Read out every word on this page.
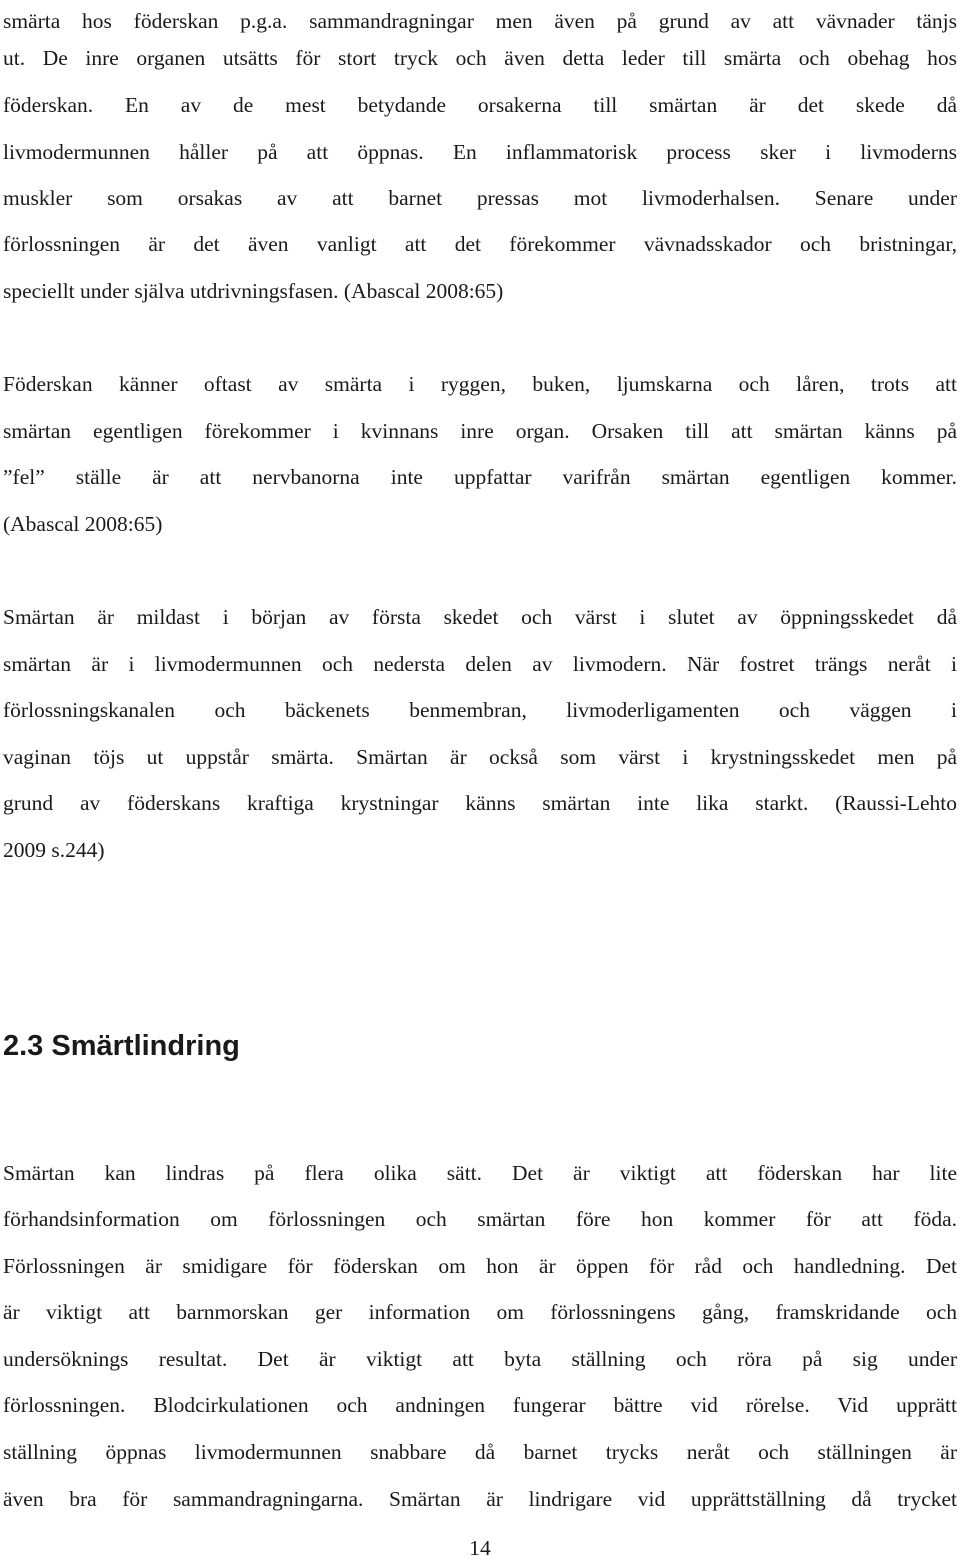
smärta hos föderskan p.g.a. sammandragningar men även på grund av att vävnader tänjs
ut. De inre organen utsätts för stort tryck och även detta leder till smärta och obehag hos
föderskan. En av de mest betydande orsakerna till smärtan är det skede då
livmodermunnen håller på att öppnas. En inflammatorisk process sker i livmoderns
muskler som orsakas av att barnet pressas mot livmoderhalsen. Senare under
förlossningen är det även vanligt att det förekommer vävnadsskador och bristningar,
speciellt under själva utdrivningsfasen. (Abascal 2008:65)
Föderskan känner oftast av smärta i ryggen, buken, ljumskarna och låren, trots att
smärtan egentligen förekommer i kvinnans inre organ. Orsaken till att smärtan känns på
”fel” ställe är att nervbanorna inte uppfattar varifrån smärtan egentligen kommer.
(Abascal 2008:65)
Smärtan är mildast i början av första skedet och värst i slutet av öppningsskedet då
smärtan är i livmodermunnen och nedersta delen av livmodern. När fostret trängs neråt i
förlossningskanalen och bäckenets benmembran, livmoderligamenten och väggen i
vaginan töjs ut uppstår smärta. Smärtan är också som värst i krystningsskedet men på
grund av föderskans kraftiga krystningar känns smärtan inte lika starkt. (Raussi-Lehto
2009 s.244)
2.3 Smärtlindring
Smärtan kan lindras på flera olika sätt. Det är viktigt att föderskan har lite
förhandsinformation om förlossningen och smärtan före hon kommer för att föda.
Förlossningen är smidigare för föderskan om hon är öppen för råd och handledning. Det
är viktigt att barnmorskan ger information om förlossningens gång, framskridande och
undersöknings resultat. Det är viktigt att byta ställning och röra på sig under
förlossningen. Blodcirkulationen och andningen fungerar bättre vid rörelse. Vid upprätt
ställning öppnas livmodermunnen snabbare då barnet trycks neråt och ställningen är
även bra för sammandragningarna. Smärtan är lindrigare vid upprättställning då trycket
14
